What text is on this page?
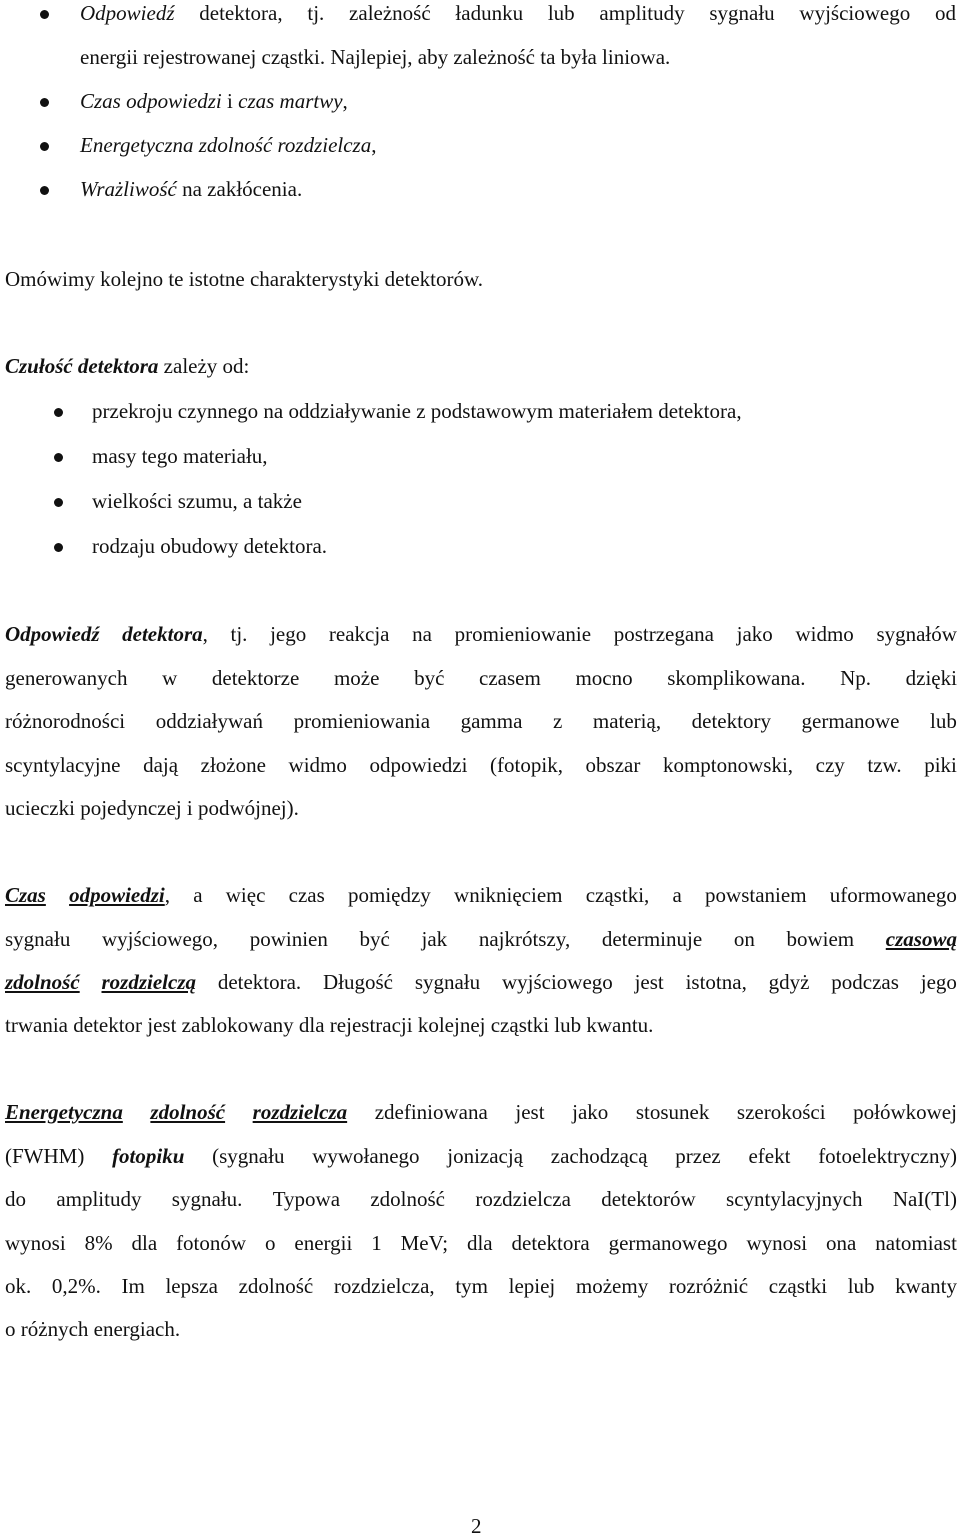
Odpowiedź detektora, tj. zależność ładunku lub amplitudy sygnału wyjściowego od
energii rejestrowanej cząstki. Najlepiej, aby zależność ta była liniowa.
Czas odpowiedzi i czas martwy,
Energetyczna zdolność rozdzielcza,
Wrażliwość na zakłócenia.
Omówimy kolejno te istotne charakterystyki detektorów.
Czułość detektora zależy od:
przekroju czynnego na oddziaływanie z podstawowym materiałem detektora,
masy tego materiału,
wielkości szumu, a także
rodzaju obudowy detektora.
Odpowiedź detektora, tj. jego reakcja na promieniowanie postrzegana jako widmo sygnałów
generowanych w detektorze może być czasem mocno skomplikowana. Np. dzięki
różnorodności oddziaływań promieniowania gamma z materią, detektory germanowe lub
scyntylacyjne dają złożone widmo odpowiedzi (fotopik, obszar komptonowski, czy tzw. piki
ucieczki pojedynczej i podwójnej).
Czas odpowiedzi, a więc czas pomiędzy wniknięciem cząstki, a powstaniem uformowanego
sygnału wyjściowego, powinien być jak najkrótszy, determinuje on bowiem czasową
zdolność rozdzielczą detektora. Długość sygnału wyjściowego jest istotna, gdyż podczas jego
trwania detektor jest zablokowany dla rejestracji kolejnej cząstki lub kwantu.
Energetyczna zdolność rozdzielcza zdefiniowana jest jako stosunek szerokości połówkowej
(FWHM) fotopiku (sygnału wywołanego jonizacją zachodzącą przez efekt fotoelektryczny)
do amplitudy sygnału. Typowa zdolność rozdzielcza detektorów scyntylacyjnych NaI(Tl)
wynosi 8% dla fotonów o energii 1 MeV; dla detektora germanowego wynosi ona natomiast
ok. 0,2%. Im lepsza zdolność rozdzielcza, tym lepiej możemy rozróżnić cząstki lub kwanty
o różnych energiach.
2
